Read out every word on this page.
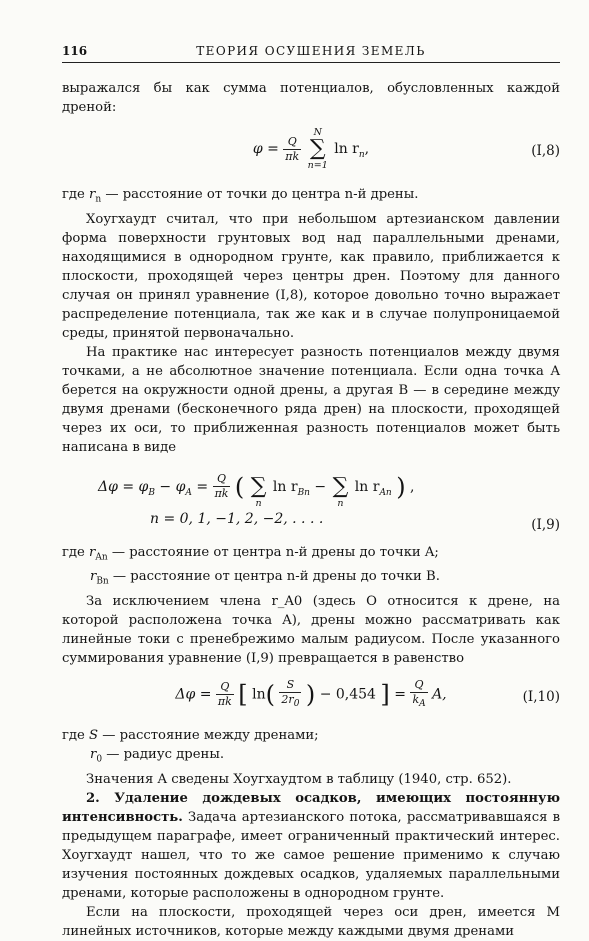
116	ТЕОРИЯ ОСУШЕНИЯ ЗЕМЕЛЬ

выражался бы как сумма потенциалов, обусловленных каждой дреной:

$\varphi = \frac{Q}{\pi k}$

N
∑
n=1
$\ln r_n$,	(I,8)

где $r_n$ — расстояние от точки до центра n-й дрены.

Хоугхаудт считал, что при небольшом артезианском давлении форма поверхности грунтовых вод над параллельными дренами, находящимися в однородном грунте, как правило, приближается к плоскости, проходящей через центры дрен. Поэтому для данного случая он принял уравнение (I,8), которое довольно точно выражает распределение потенциала, так же как и в случае полупроницаемой среды, принятой первоначально.

На практике нас интересует разность потенциалов между двумя точками, а не абсолютное значение потенциала. Если одна точка A берется на окружности одной дрены, а другая B — в середине между двумя дренами (бесконечного ряда дрен) на плоскости, проходящей через их оси, то приближенная разность потенциалов может быть написана в виде

$\Delta\varphi = \varphi_B - \varphi_A = \frac{Q}{\pi k}$ (
∑
n
$\ln r_{Bn}$ −
∑
n
$\ln r_{An}$ ) ,
n = 0, 1, −1, 2, −2, . . . .	(I,9)

где $r_{An}$ — расстояние от центра n-й дрены до точки A;

$r_{Bn}$ — расстояние от центра n-й дрены до точки B.

За исключением члена r_A0 (здесь O относится к дрене, на которой расположена точка A), дрены можно рассматривать как линейные токи с пренебрежимо малым радиусом. После указанного суммирования уравнение (I,9) превращается в равенство

$\Delta\varphi = \frac{Q}{\pi k}$ [ $\ln( \frac{S}{2r_0}$ ) − 0,454 ] = $\frac{Q}{k_A} A$,	(I,10)

где S — расстояние между дренами;

$r_0$ — радиус дрены.

Значения A сведены Хоугхаудтом в таблицу (1940, стр. 652).

2. Удаление дождевых осадков, имеющих постоянную интенсивность. Задача артезианского потока, рассматривавшаяся в предыдущем параграфе, имеет ограниченный практический интерес. Хоугхаудт нашел, что то же самое решение применимо к случаю изучения постоянных дождевых осадков, удаляемых параллельными дренами, которые расположены в однородном грунте.

Если на плоскости, проходящей через оси дрен, имеется M линейных источников, которые между каждыми двумя дренами
